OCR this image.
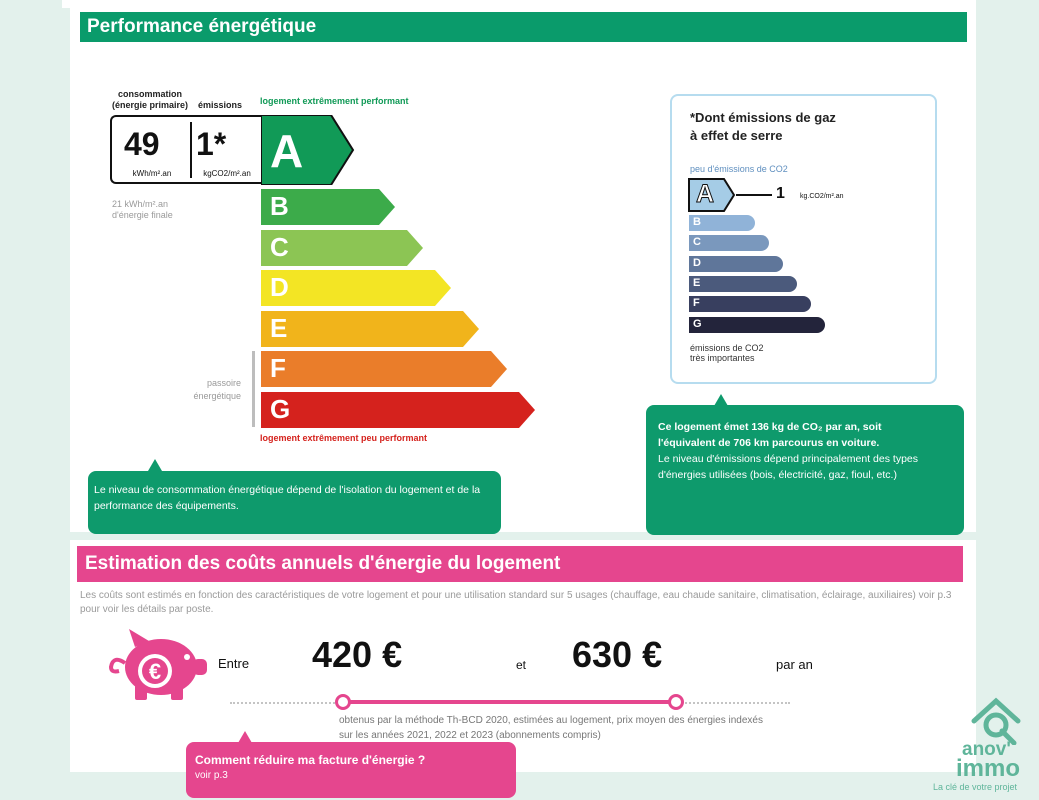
Performance énergétique
consommation
(énergie primaire) émissions logement extrêmement performant
49
kWh/m².an
1*
kgCO2/m².an A
B
C
D
E
F
G
21 kWh/m².an
d'énergie finale
passoire
énergétique
logement extrêmement peu performant
Le niveau de consommation énergétique dépend de l'isolation du logement et de la performance des équipements.
*Dont émissions de gaz
à effet de serre
peu d'émissions de CO2
A	1 kg.CO2/m².an
B
C
D
E
F
G
émissions de CO2
très importantes
Ce logement émet 136 kg de CO₂ par an, soit
l'équivalent de 706 km parcourus en voiture.
Le niveau d'émissions dépend principalement des types d'énergies utilisées (bois, électricité, gaz, fioul, etc.)
Estimation des coûts annuels d'énergie du logement
Les coûts sont estimés en fonction des caractéristiques de votre logement et pour une utilisation standard sur 5 usages (chauffage, eau chaude sanitaire, climatisation, éclairage, auxiliaires) voir p.3 pour voir les détails par poste.
€	Entre 420 €	et 630 €	par an
obtenus par la méthode Th-BCD 2020, estimées au logement, prix moyen des énergies indexés
sur les années 2021, 2022 et 2023 (abonnements compris)
Comment réduire ma facture d'énergie ?
voir p.3
anov'
immo
La clé de votre projet
